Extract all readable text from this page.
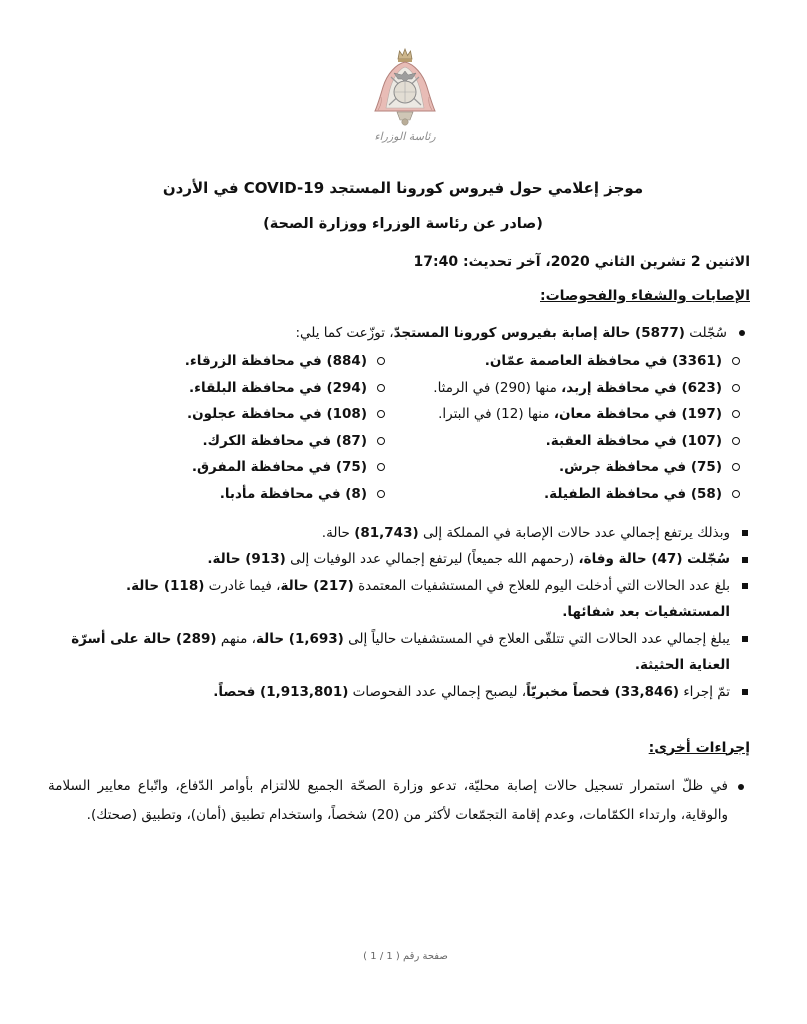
رئاسة الوزراء
موجز إعلامي حول فيروس كورونا المستجد COVID-19 في الأردن
(صادر عن رئاسة الوزراء ووزارة الصحة)
الاثنين 2 تشرين الثاني 2020، آخر تحديث: 17:40
الإصابات والشفاء والفحوصات:
سُجّلت (5877) حالة إصابة بفيروس كورونا المستجدّ، توزّعت كما يلي:
(3361) في محافظة العاصمة عمّان.
(623) في محافظة إربد، منها (290) في الرمثا.
(197) في محافظة معان، منها (12) في البترا.
(107) في محافظة العقبة.
(75) في محافظة جرش.
(58) في محافظة الطفيلة.
(884) في محافظة الزرقاء.
(294) في محافظة البلقاء.
(108) في محافظة عجلون.
(87) في محافظة الكرك.
(75) في محافظة المفرق.
(8) في محافظة مأدبا.
وبذلك يرتفع إجمالي عدد حالات الإصابة في المملكة إلى (81,743) حالة.
سُجّلت (47) حالة وفاة، (رحمهم الله جميعاً) ليرتفع إجمالي عدد الوفيات إلى (913) حالة.
بلغ عدد الحالات التي أدخلت اليوم للعلاج في المستشفيات المعتمدة (217) حالة، فيما غادرت (118) حالة. المستشفيات بعد شفائها.
يبلغ إجمالي عدد الحالات التي تتلقّى العلاج في المستشفيات حالياً إلى (1,693) حالة، منهم (289) حالة على أسرّة العناية الحثيثة.
تمّ إجراء (33,846) فحصاً مخبريّاً، ليصبح إجمالي عدد الفحوصات (1,913,801) فحصاً.
إجراءات أخرى:
في ظلّ استمرار تسجيل حالات إصابة محليّة، تدعو وزارة الصحّة الجميع للالتزام بأوامر الدّفاع، واتّباع معايير السلامة والوقاية، وارتداء الكمّامات، وعدم إقامة التجمّعات لأكثر من (20) شخصاً، واستخدام تطبيق (أمان)، وتطبيق (صحتك).
صفحة رقم ( 1 / 1 )
